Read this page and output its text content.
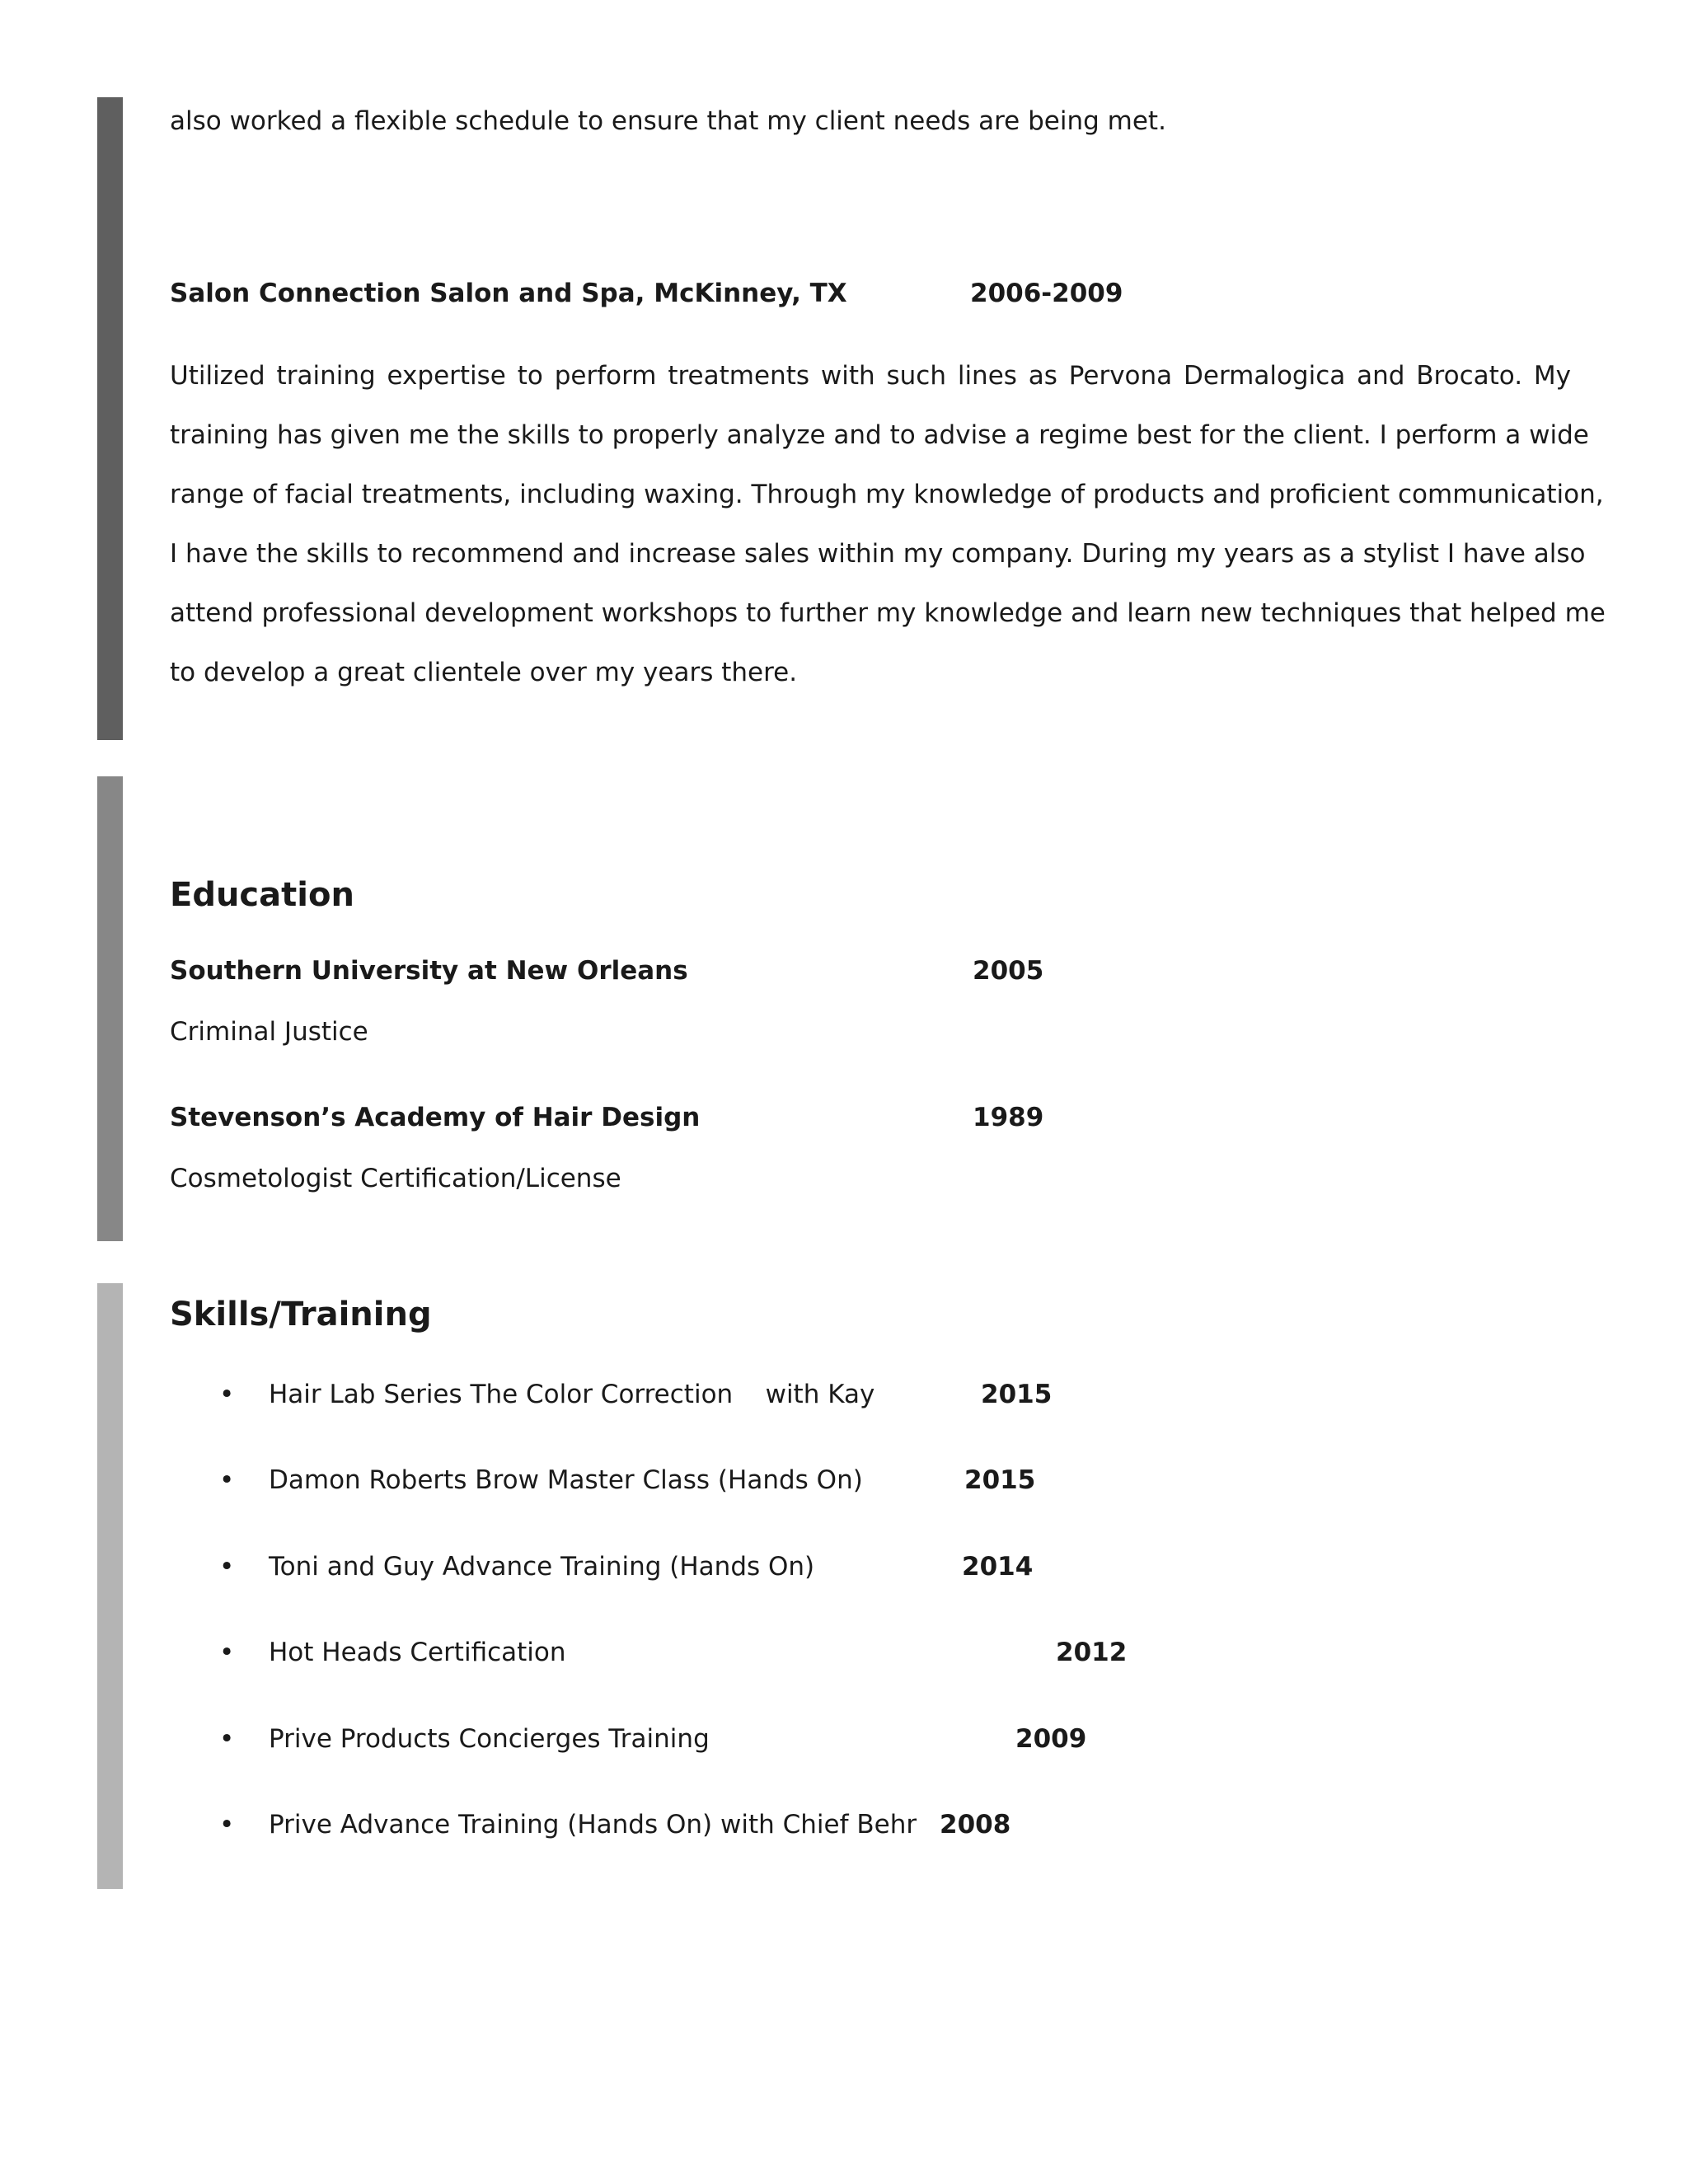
also worked a flexible schedule to ensure that my client needs are being met.
Salon Connection Salon and Spa, McKinney, TX	2006-2009
Utilized training expertise to perform treatments with such lines as Pervona Dermalogica and Brocato. My
training has given me the skills to properly analyze and to advise a regime best for the client. I perform a wide
range of facial treatments, including waxing. Through my knowledge of products and proficient communication,
I have the skills to recommend and increase sales within my company. During my years as a stylist I have also
attend professional development workshops to further my knowledge and learn new techniques that helped me
to develop a great clientele over my years there.
Education
Southern University at New Orleans	2005
Criminal Justice
Stevenson’s Academy of Hair Design	1989
Cosmetologist Certification/License
Skills/Training
• Hair Lab Series The Color Correction    with Kay	2015
• Damon Roberts Brow Master Class (Hands On)	2015
• Toni and Guy Advance Training (Hands On)	2014
• Hot Heads Certification	2012
• Prive Products Concierges Training	2009
• Prive Advance Training (Hands On) with Chief Behr 2008
